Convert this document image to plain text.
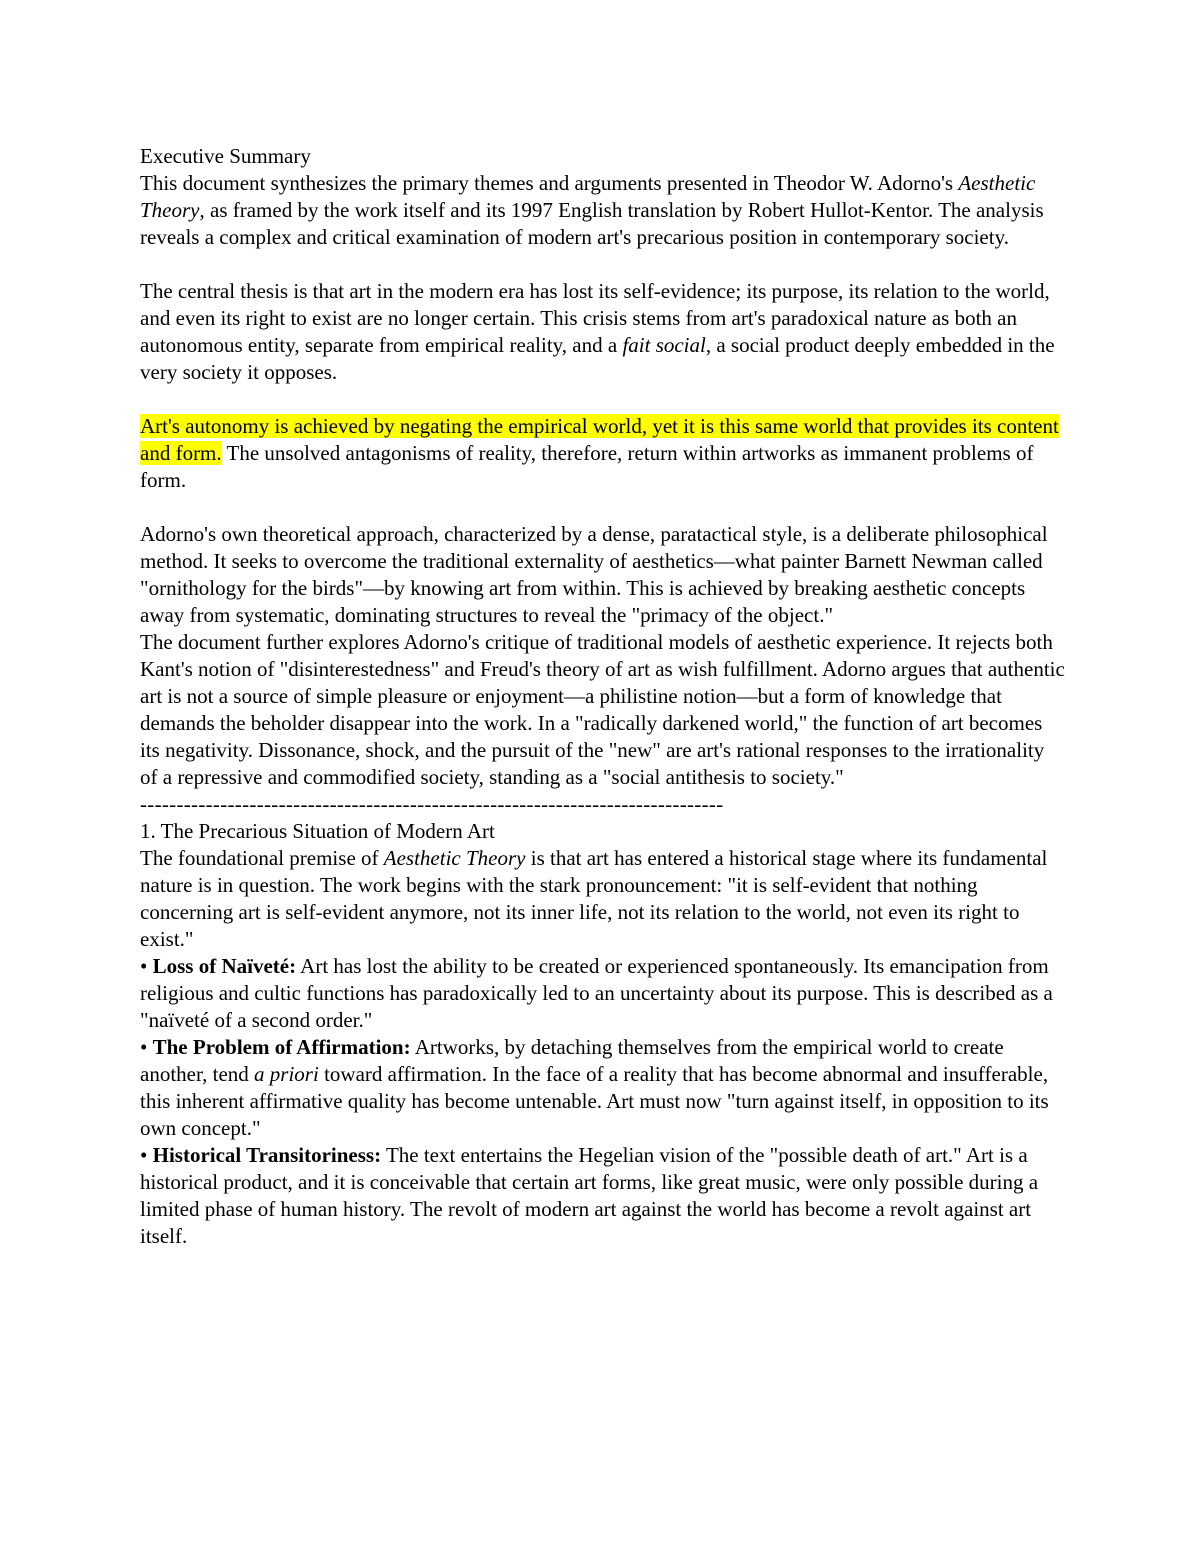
Executive Summary

This document synthesizes the primary themes and arguments presented in Theodor W. Adorno's Aesthetic Theory, as framed by the work itself and its 1997 English translation by Robert Hullot-Kentor. The analysis reveals a complex and critical examination of modern art's precarious position in contemporary society.

The central thesis is that art in the modern era has lost its self-evidence; its purpose, its relation to the world, and even its right to exist are no longer certain. This crisis stems from art's paradoxical nature as both an autonomous entity, separate from empirical reality, and a fait social, a social product deeply embedded in the very society it opposes.

Art's autonomy is achieved by negating the empirical world, yet it is this same world that provides its content and form. The unsolved antagonisms of reality, therefore, return within artworks as immanent problems of form.

Adorno's own theoretical approach, characterized by a dense, paratactical style, is a deliberate philosophical method. It seeks to overcome the traditional externality of aesthetics—what painter Barnett Newman called "ornithology for the birds"—by knowing art from within. This is achieved by breaking aesthetic concepts away from systematic, dominating structures to reveal the "primacy of the object."

The document further explores Adorno's critique of traditional models of aesthetic experience. It rejects both Kant's notion of "disinterestedness" and Freud's theory of art as wish fulfillment. Adorno argues that authentic art is not a source of simple pleasure or enjoyment—a philistine notion—but a form of knowledge that demands the beholder disappear into the work. In a "radically darkened world," the function of art becomes its negativity. Dissonance, shock, and the pursuit of the "new" are art's rational responses to the irrationality of a repressive and commodified society, standing as a "social antithesis to society."

--------------------------------------------------------------------------------

1. The Precarious Situation of Modern Art

The foundational premise of Aesthetic Theory is that art has entered a historical stage where its fundamental nature is in question. The work begins with the stark pronouncement: "it is self-evident that nothing concerning art is self-evident anymore, not its inner life, not its relation to the world, not even its right to exist."

• Loss of Naïveté: Art has lost the ability to be created or experienced spontaneously. Its emancipation from religious and cultic functions has paradoxically led to an uncertainty about its purpose. This is described as a "naïveté of a second order."

• The Problem of Affirmation: Artworks, by detaching themselves from the empirical world to create another, tend a priori toward affirmation. In the face of a reality that has become abnormal and insufferable, this inherent affirmative quality has become untenable. Art must now "turn against itself, in opposition to its own concept."

• Historical Transitoriness: The text entertains the Hegelian vision of the "possible death of art." Art is a historical product, and it is conceivable that certain art forms, like great music, were only possible during a limited phase of human history. The revolt of modern art against the world has become a revolt against art itself.
